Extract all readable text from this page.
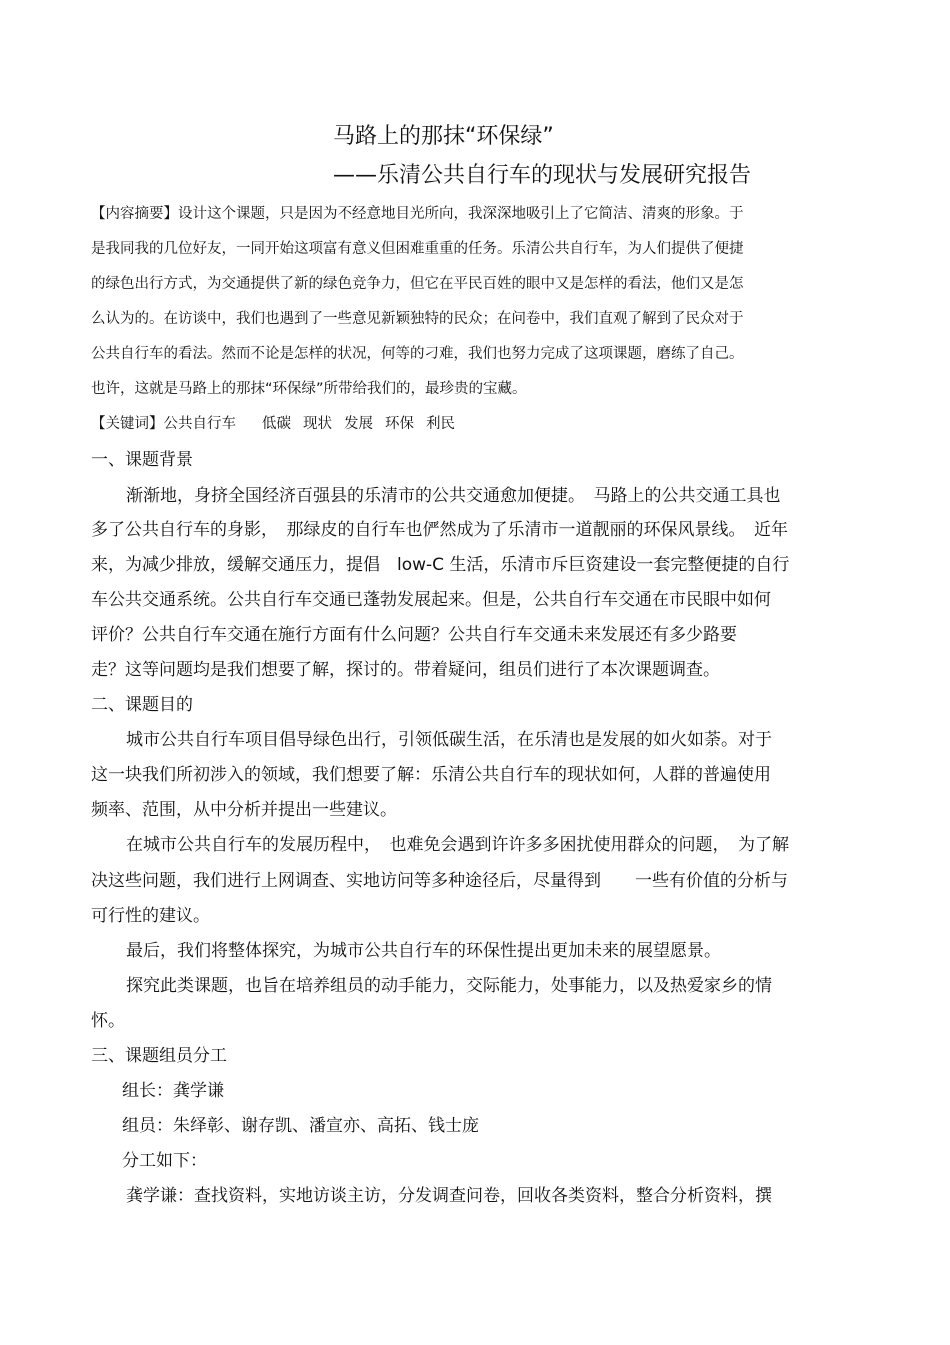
马路上的那抹“环保绿”
——乐清公共自行车的现状与发展研究报告
【内容摘要】设计这个课题，只是因为不经意地目光所向，我深深地吸引上了它简洁、清爽的形象。于
是我同我的几位好友，一同开始这项富有意义但困难重重的任务。乐清公共自行车，为人们提供了便捷
的绿色出行方式，为交通提供了新的绿色竞争力，但它在平民百姓的眼中又是怎样的看法，他们又是怎
么认为的。在访谈中，我们也遇到了一些意见新颖独特的民众；在问卷中，我们直观了解到了民众对于
公共自行车的看法。然而不论是怎样的状况，何等的刁难，我们也努力完成了这项课题，磨练了自己。
也许，这就是马路上的那抹“环保绿”所带给我们的，最珍贵的宝藏。
【关键词】公共自行车 低碳 现状 发展 环保 利民
一、课题背景
渐渐地，身挤全国经济百强县的乐清市的公共交通愈加便捷。　马路上的公共交通工具也
多了公共自行车的身影，　那绿皮的自行车也俨然成为了乐清市一道靓丽的环保风景线。　近年
来，为减少排放，缓解交通压力，提倡　low-C 生活，乐清市斥巨资建设一套完整便捷的自行
车公共交通系统。公共自行车交通已蓬勃发展起来。但是，公共自行车交通在市民眼中如何
评价？公共自行车交通在施行方面有什么问题？公共自行车交通未来发展还有多少路要
走？这等问题均是我们想要了解，探讨的。带着疑问，组员们进行了本次课题调查。
二、课题目的
城市公共自行车项目倡导绿色出行，引领低碳生活，在乐清也是发展的如火如荼。对于
这一块我们所初涉入的领域，我们想要了解：乐清公共自行车的现状如何，人群的普遍使用
频率、范围，从中分析并提出一些建议。
在城市公共自行车的发展历程中，　也难免会遇到许许多多困扰使用群众的问题，　为了解
决这些问题，我们进行上网调查、实地访问等多种途径后，尽量得到　　一些有价值的分析与
可行性的建议。
最后，我们将整体探究，为城市公共自行车的环保性提出更加未来的展望愿景。
探究此类课题，也旨在培养组员的动手能力，交际能力，处事能力，以及热爱家乡的情
怀。
三、课题组员分工
组长：龚学谦
组员：朱绎彰、谢存凯、潘宣亦、高拓、钱士庞
分工如下：
龚学谦：查找资料，实地访谈主访，分发调查问卷，回收各类资料，整合分析资料，撰
